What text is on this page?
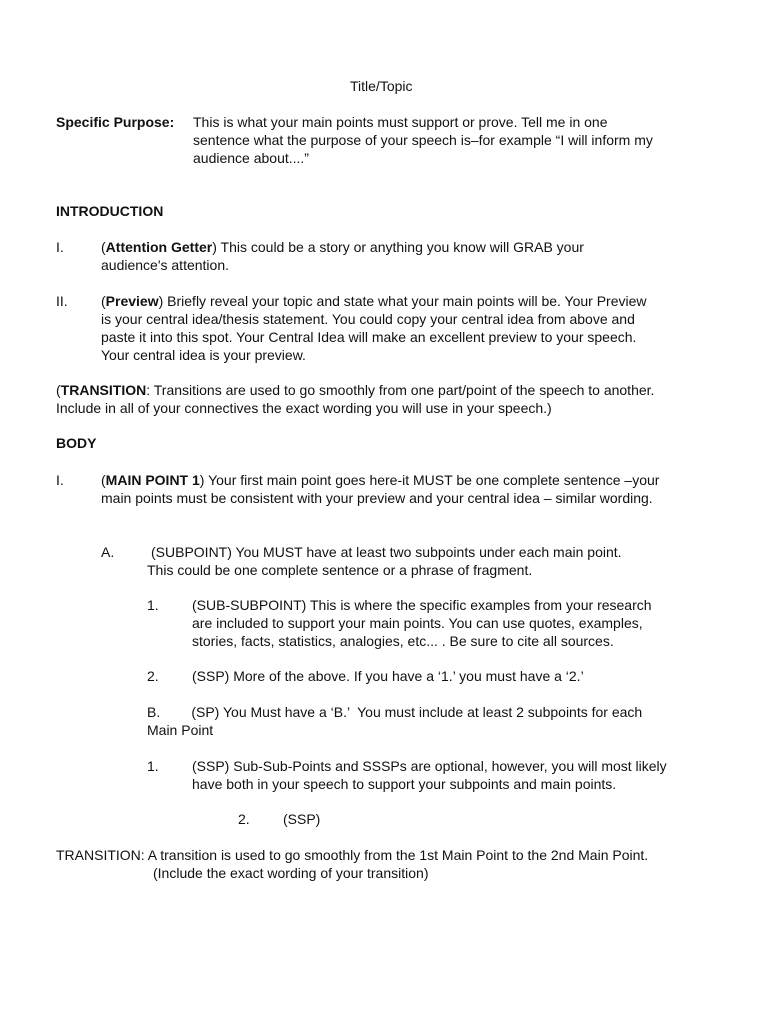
Title/Topic

Specific Purpose: This is what your main points must support or prove. Tell me in one
sentence what the purpose of your speech is–for example “I will inform my
audience about....”

INTRODUCTION

I.	(Attention Getter) This could be a story or anything you know will GRAB your
audience's attention.

II. (Preview) Briefly reveal your topic and state what your main points will be. Your Preview
is your central idea/thesis statement. You could copy your central idea from above and
paste it into this spot. Your Central Idea will make an excellent preview to your speech.
Your central idea is your preview.
(TRANSITION: Transitions are used to go smoothly from one part/point of the speech to another.
Include in all of your connectives the exact wording you will use in your speech.)

BODY

I.	(MAIN POINT 1) Your first main point goes here-it MUST be one complete sentence –your
main points must be consistent with your preview and your central idea – similar wording.

A.	(SUBPOINT) You MUST have at least two subpoints under each main point.

This could be one complete sentence or a phrase of fragment.

1. (SUB-SUBPOINT) This is where the specific examples from your research
are included to support your main points. You can use quotes, examples,
stories, facts, statistics, analogies, etc... . Be sure to cite all sources.

2. (SSP) More of the above. If you have a ‘1.’ you must have a ‘2.’

B.        (SP) You Must have a ‘B.’  You must include at least 2 subpoints for each

Main Point

1. (SSP) Sub-Sub-Points and SSSPs are optional, however, you will most likely
have both in your speech to support your subpoints and main points.

2. (SSP)

TRANSITION: A transition is used to go smoothly from the 1st Main Point to the 2nd Main Point.

(Include the exact wording of your transition)
